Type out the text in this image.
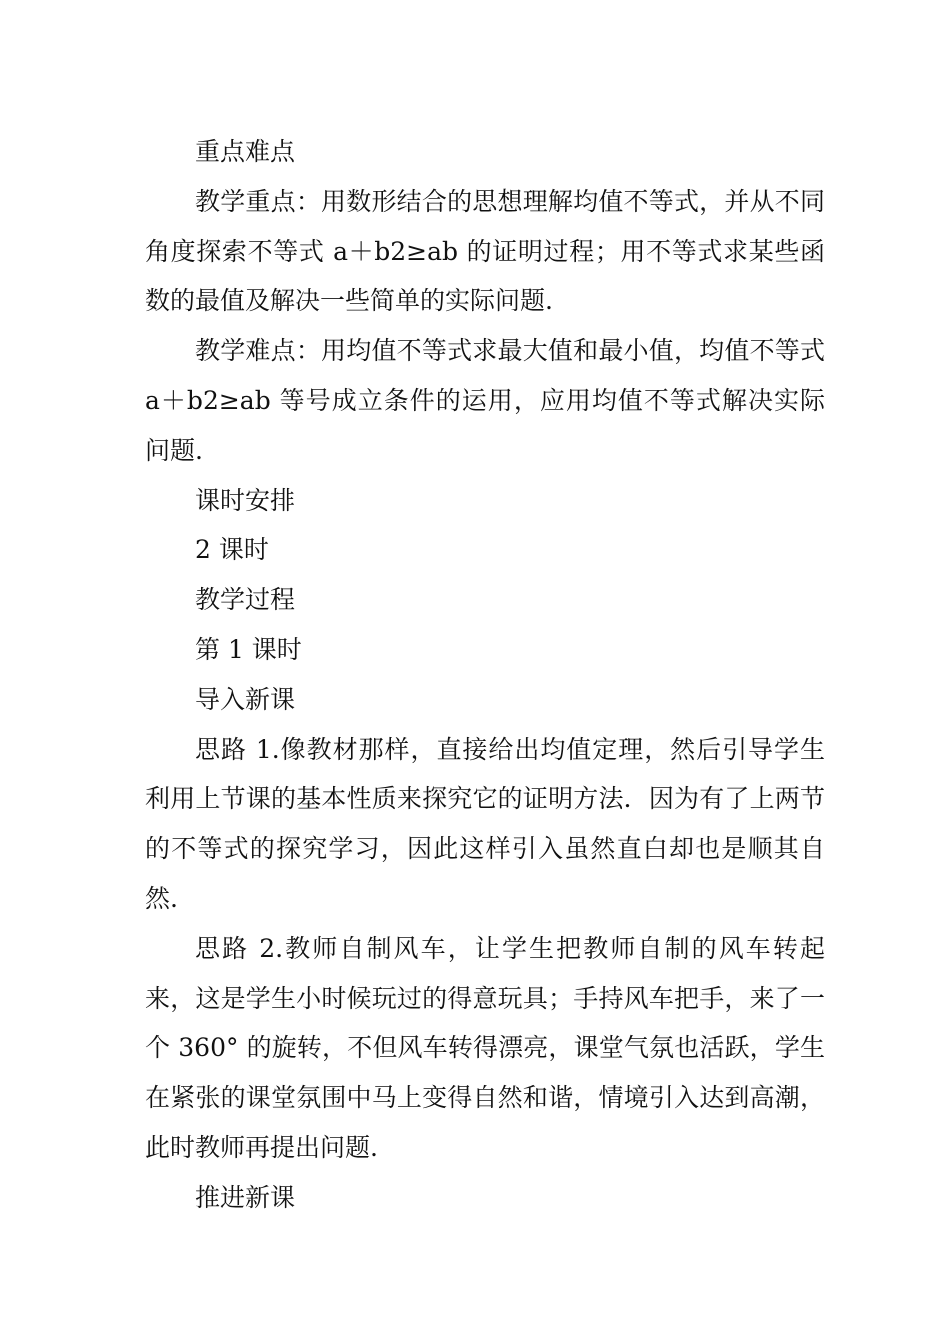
重点难点

教学重点：用数形结合的思想理解均值不等式，并从不同角度探索不等式 a＋b2≥ab 的证明过程；用不等式求某些函数的最值及解决一些简单的实际问题.

教学难点：用均值不等式求最大值和最小值，均值不等式 a＋b2≥ab 等号成立条件的运用，应用均值不等式解决实际问题.

课时安排

2 课时

教学过程

第 1 课时

导入新课

思路 1.像教材那样，直接给出均值定理，然后引导学生利用上节课的基本性质来探究它的证明方法．因为有了上两节的不等式的探究学习，因此这样引入虽然直白却也是顺其自然.

思路 2.教师自制风车，让学生把教师自制的风车转起来，这是学生小时候玩过的得意玩具；手持风车把手，来了一个 360° 的旋转，不但风车转得漂亮，课堂气氛也活跃，学生在紧张的课堂氛围中马上变得自然和谐，情境引入达到高潮，此时教师再提出问题.

推进新课
